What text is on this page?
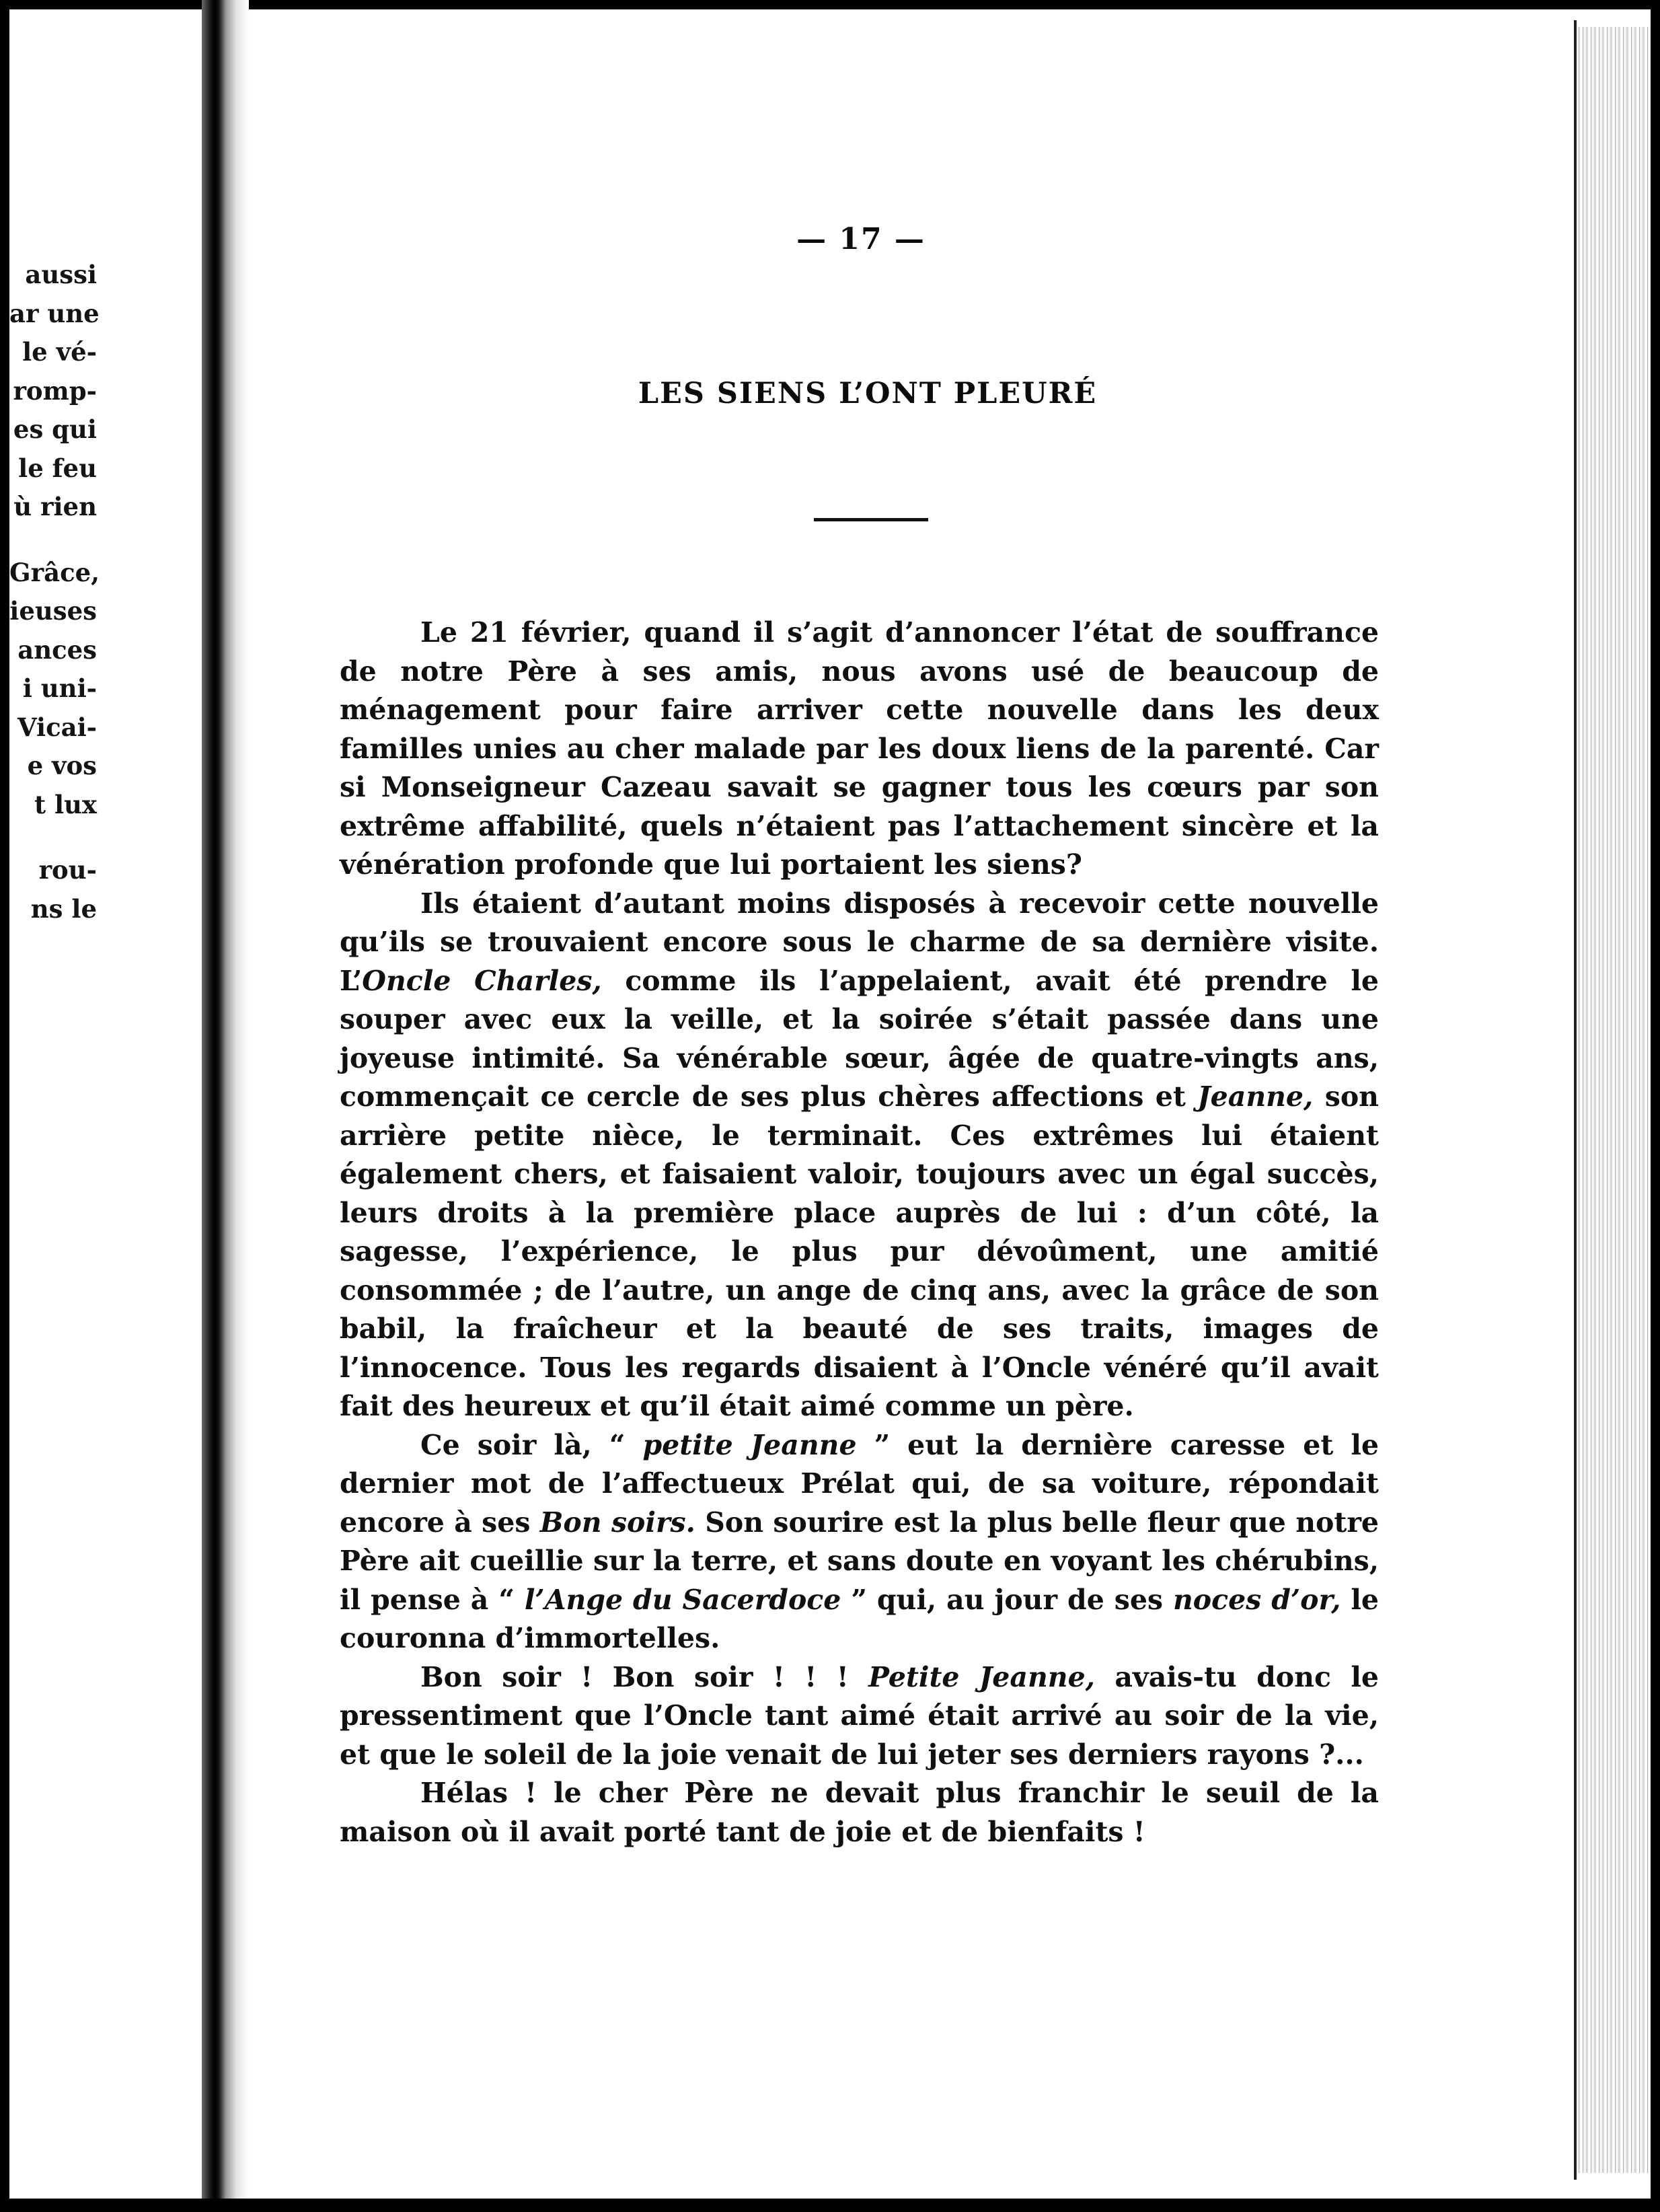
aussi
ar une
le vé-
romp-
es qui
le feu
ù rien
Grâce,
ieuses
ances
i uni-
Vicai-
e vos
t lux
rou-
ns le
— 17 —
LES SIENS L’ONT PLEURÉ

Le 21 février, quand il s’agit d’annoncer l’état de souffrance de notre Père à ses amis, nous avons usé de beaucoup de ménagement pour faire arriver cette nouvelle dans les deux familles unies au cher malade par les doux liens de la parenté. Car si Monseigneur Cazeau savait se gagner tous les cœurs par son extrême affabilité, quels n’étaient pas l’attachement sincère et la vénération profonde que lui portaient les siens?

Ils étaient d’autant moins disposés à recevoir cette nouvelle qu’ils se trouvaient encore sous le charme de sa dernière visite. L’Oncle Charles, comme ils l’appelaient, avait été prendre le souper avec eux la veille, et la soirée s’était passée dans une joyeuse intimité. Sa vénérable sœur, âgée de quatre-vingts ans, commençait ce cercle de ses plus chères affections et Jeanne, son arrière petite nièce, le terminait. Ces extrêmes lui étaient également chers, et faisaient valoir, toujours avec un égal succès, leurs droits à la première place auprès de lui : d’un côté, la sagesse, l’expérience, le plus pur dévoûment, une amitié consommée ; de l’autre, un ange de cinq ans, avec la grâce de son babil, la fraîcheur et la beauté de ses traits, images de l’innocence. Tous les regards disaient à l’Oncle vénéré qu’il avait fait des heureux et qu’il était aimé comme un père.

Ce soir là, “ petite Jeanne ” eut la dernière caresse et le dernier mot de l’affectueux Prélat qui, de sa voiture, répondait encore à ses Bon soirs. Son sourire est la plus belle fleur que notre Père ait cueillie sur la terre, et sans doute en voyant les chérubins, il pense à “ l’Ange du Sacerdoce ” qui, au jour de ses noces d’or, le couronna d’immortelles.

Bon soir ! Bon soir ! ! ! Petite Jeanne, avais-tu donc le pressentiment que l’Oncle tant aimé était arrivé au soir de la vie, et que le soleil de la joie venait de lui jeter ses derniers rayons ?...

Hélas ! le cher Père ne devait plus franchir le seuil de la maison où il avait porté tant de joie et de bienfaits !
